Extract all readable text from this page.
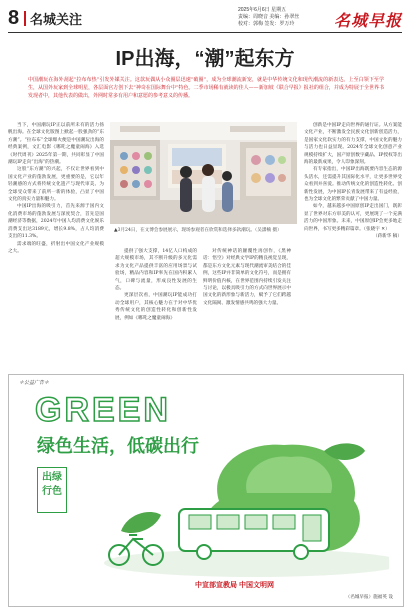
8 名城关注
2025年6月6日 星期五
责编：周晓音 美编：孙翠丝
校对：郭梅 签发：罗万玲	名城早报
IP出海，“潮”起东方
中国潮玩在海外刮起“拉布布热”引发外媒关注。这款玩偶从小众圈层迅速“破圈”，成为全球潮流新宠，就是中华传统文化和现代潮流的新表达。上至白领下至学生，从国外玩家到全球明星，各层面官方创下去“神奇在国际舞台中”特色。二季市场稀有就读的佳人——新加坡《联合早报》报社的组合，并成为特展于全世界书发现者中，其他代表的做出，外网时常多有用户和意愿的参考意义的传播。
▲3月24日，在文博会参展展示，现场参观者在欣赏和选择多款潮玩。（吴潇楠 摄）

当下，中国潮玩IP正以前所未有的活力扬帆出海。在全球文化版图上掀起一股强劲的“东方潮”。“拉布布”全球爆火便是中国潮玩出海的经典案例，文汇电影《哪吒之魔童闹海》入选《时代周刊》2025年第一期，共同彰显了中国潮玩IP走向“出海”的热潮。

这股“东方潮”的兴起，不仅让世界看到中国文化产业的蓬勃发展，更重要的是，它以年轻潮感的方式将传统文化遗产与现代审美、为全球受众带来了前所一新的体验，凸显了中国文化的真实力量和魅力。

中国IP出海的吸引力，首先来源于国内文化消费市场的蓬勃发展与深度契合，首先是国潮经济等数据，2024年中国人均消费文化娱乐消费支出达3189元，增长9.8%，占人均消费支出的11.3%。

需求端的旺盛，折射出中国文化产业规模之大。	提供了强大支撑，14亿人口构成的超大规模市场，其不断升级的多元化需求为文化产品提供丰富的应用场景与试验场，精品内容和IP率先在国内积累人气，口碑与流量，形成良性发展的生态。

更深层次看，中国潮玩IP能成功打动全球用户，其核心魅力在于对中华优秀传统文化的创造性转化和创新性发展，例如《哪吒之魔童闹海》

对传统神话的颠覆性再创作，《黑神话：悟空》对经典文学IP的精良视觉呈现，都是东方文化元素与现代潮流审美结合的佳例，这些IP并非简单的文化符号，而是拥有鲜明价值内核，在世界范围内持续引发关注与讨论，以极具吸引力的方式向世界展示中国文化的新形象与新活力，赋予了它们跨越文化隔阂、激发情感共鸣的强大力量。

创新是中国IP走向世界的通行证。从方案能文化产业，不断激发全民族文化创新创造活力，是国家文化软实力的有力支撑，中国文化的魅力与活力也日益显现。2024年全球文化创意产业规模持续扩大，国产原创数字藏品、IP授权等出海的最新成果，令人印象深刻。

有专家指出，中国IP出海既要内容生态的源头活水，还需提升其国际化水平，让更多世界受众看到并喜爱。推动传统文化的创造性转化、创新性发展，为中国IP长青发展带来了有益经验，也为全球文化的繁荣贡献了中国力量。

如今，越来越多中国原创IP走出国门，既彰显了世界对东方审美的认可，更展现了一个充满活力的中国形象。未来，中国原创IP会更多地走向世界，书写更多精彩篇章。（张晓宇 ✕）

（蒋新华 稿）

＊公益广告＊
GREEN
绿色生活，低碳出行
出绿
行色
中宣部宣教局 中国文明网
（名城早报）施福英 设
